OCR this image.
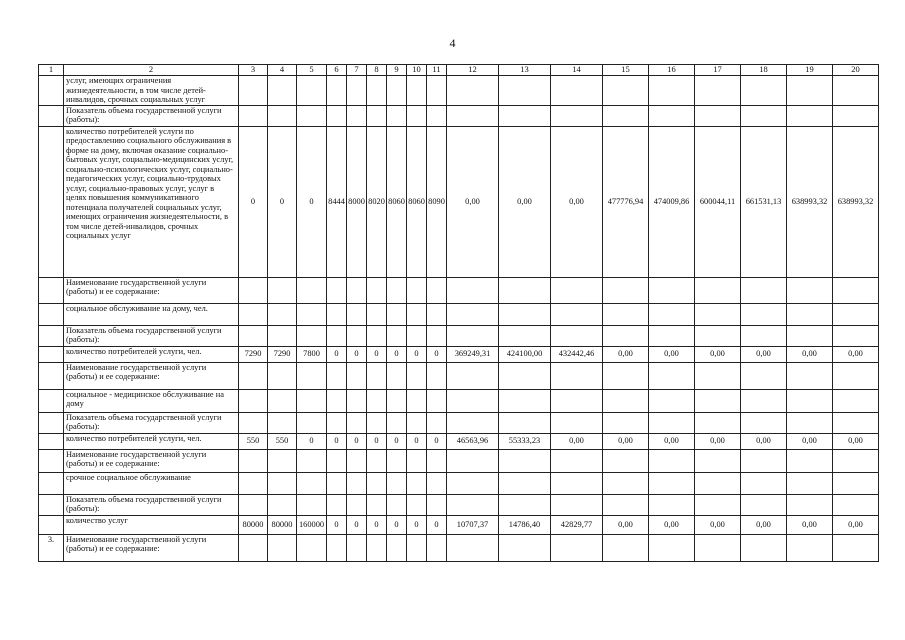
4
1	2	3	4	5	6	7	8	9	10	11	12	13	14	15	16	17	18	19	20
	услуг, имеющих ограничения жизнедеятельности, в том числе детей-инвалидов, срочных социальных услуг																		
	Показатель объема государственной услуги (работы):																		
	количество потребителей услуги по предоставлению социального обслуживания в форме на дому, включая оказание социально-бытовых услуг, социально-медицинских услуг, социально-психологических услуг, социально-педагогических услуг, социально-трудовых услуг, социально-правовых услуг, услуг в целях повышения коммуникативного потенциала получателей социальных услуг, имеющих ограничения жизнедеятельности, в том числе детей-инвалидов, срочных социальных услуг	0	0	0	8444	8000	8020	8060	8060	8090	0,00	0,00	0,00	477776,94	474009,86	600044,11	661531,13	638993,32	638993,32
	Наименование государственной услуги (работы) и ее содержание:																		
	социальное обслуживание на дому, чел.																		
	Показатель объема государственной услуги (работы):																		
	количество потребителей услуги, чел.	7290	7290	7800	0	0	0	0	0	0	369249,31	424100,00	432442,46	0,00	0,00	0,00	0,00	0,00	0,00
	Наименование государственной услуги (работы) и ее содержание:																		
	социальное - медицинское обслуживание на дому																		
	Показатель объема государственной услуги (работы):																		
	количество потребителей услуги, чел.	550	550	0	0	0	0	0	0	0	46563,96	55333,23	0,00	0,00	0,00	0,00	0,00	0,00	0,00
	Наименование государственной услуги (работы) и ее содержание:																		
	срочное социальное обслуживание																		
	Показатель объема государственной услуги (работы):																		
	количество услуг	80000	80000	160000	0	0	0	0	0	0	10707,37	14786,40	42829,77	0,00	0,00	0,00	0,00	0,00	0,00
3.	Наименование государственной услуги (работы) и ее содержание:																		
